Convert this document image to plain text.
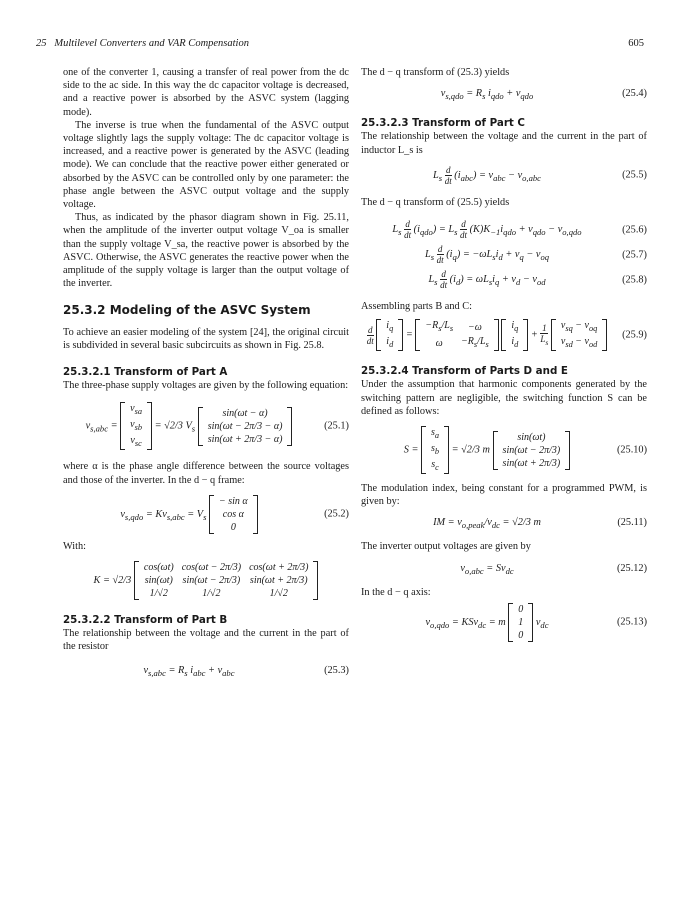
25 Multilevel Converters and VAR Compensation	605

one of the converter 1, causing a transfer of real power from the dc side to the ac side. In this way the dc capacitor voltage is decreased, and a reactive power is absorbed by the ASVC system (lagging mode).

The inverse is true when the fundamental of the ASVC output voltage slightly lags the supply voltage: The dc capacitor voltage is increased, and a reactive power is generated by the ASVC (leading mode). We can conclude that the reactive power either generated or absorbed by the ASVC can be controlled only by one parameter: the phase angle between the ASVC output voltage and the supply voltage.

Thus, as indicated by the phasor diagram shown in Fig. 25.11, when the amplitude of the inverter output voltage V_oa is smaller than the supply voltage V_sa, the reactive power is absorbed by the ASVC. Otherwise, the ASVC generates the reactive power when the amplitude of the supply voltage is larger than the output voltage of the inverter.

25.3.2 Modeling of the ASVC System

To achieve an easier modeling of the system [24], the original circuit is subdivided in several basic subcircuits as shown in Fig. 25.8.

25.3.2.1 Transform of Part A

The three-phase supply voltages are given by the following equation:

$v_{s,abc}$ =
$v_{sa}$
$v_{sb}$
$v_{sc}$
= √2/3 $V_s$
sin(ωt − α)
sin(ωt − 2π/3 − α)
sin(ωt + 2π/3 − α)
(25.1)

where α is the phase angle difference between the source voltages and those of the inverter. In the d − q frame:

$v_{s,qdo} = Kv_{s,abc} = V_s$
− sin α
cos α
0
(25.2)

With:

K = √2/3
cos(ωt)	cos(ωt − 2π/3)	cos(ωt + 2π/3)
sin(ωt)	sin(ωt − 2π/3)	sin(ωt + 2π/3)
1/√2	1/√2	1/√2
25.3.2.2 Transform of Part B

The relationship between the voltage and the current in the part of the resistor

$v_{s,abc} = R_s$ $i_{abc} + v_{abc}$	(25.3)

The d − q transform of (25.3) yields

$v_{s,qdo} = R_s$ $i_{qdo} + v_{qdo}$	(25.4)
25.3.2.3 Transform of Part C

The relationship between the voltage and the current in the part of inductor L_s is

$L_s \frac{d}{dt} (i_{abc}) = v_{abc} - v_{o,abc}$	(25.5)

The d − q transform of (25.5) yields

$L_s \frac{d}{dt} (i_{qdo}) = L_s \frac{d}{dt} (K)K_{-1}i_{qdo} + v_{qdo} - v_{o,qdo}$	(25.6)
$L_s \frac{d}{dt} (i_q) = -\omega L_si_d + v_q - v_{oq}$	(25.7)
$L_s \frac{d}{dt} (i_d) = \omega L_si_q + v_d - v_{od}$	(25.8)

Assembling parts B and C:

$\frac{d}{dt}$
$i_q$
$i_d$
=
$-R_s/L_s$	−ω
ω	$-R_s/L_s$

$i_q$
$i_d$
+ $\frac{1}{L_s}$
$v_{sq} - v_{oq}$
$v_{sd} - v_{od}$
(25.9)
25.3.2.4 Transform of Parts D and E

Under the assumption that harmonic components generated by the switching pattern are negligible, the switching function S can be defined as follows:

S =
$s_a$
$s_b$
$s_c$
= √2/3 m
sin(ωt)
sin(ωt − 2π/3)
sin(ωt + 2π/3)
(25.10)

The modulation index, being constant for a programmed PWM, is given by:

IM = $v_{o,peak}/v_{dc} = √2/3$ m	(25.11)

The inverter output voltages are given by

$v_{o,abc} = Sv_{dc}$	(25.12)

In the d − q axis:

$v_{o,qdo} = KSv_{dc} = m$
0
1
0
$v_{dc}$	(25.13)
